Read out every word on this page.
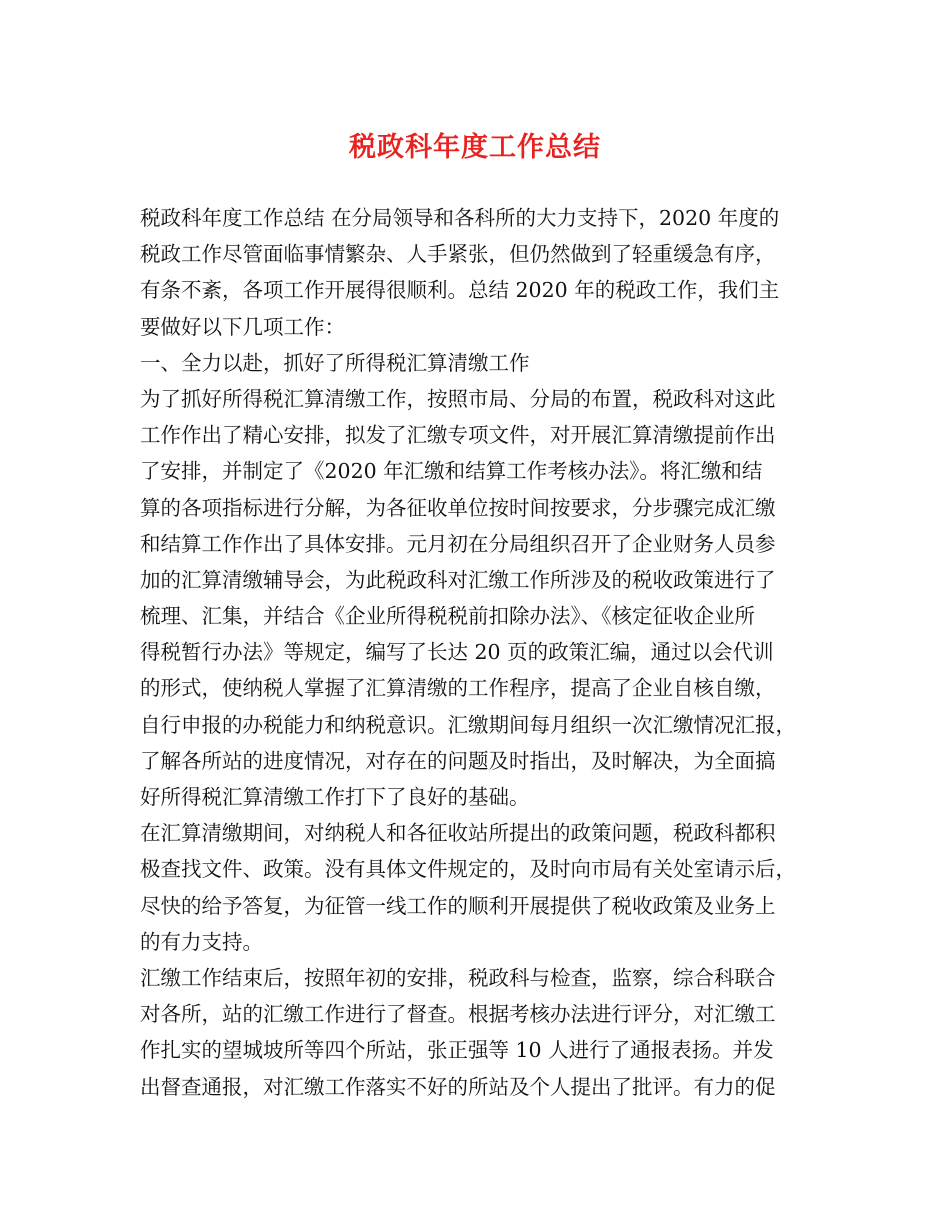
税政科年度工作总结
税政科年度工作总结 在分局领导和各科所的大力支持下，2020 年度的
税政工作尽管面临事情繁杂、人手紧张，但仍然做到了轻重缓急有序，
有条不紊，各项工作开展得很顺利。总结 2020 年的税政工作，我们主
要做好以下几项工作：
一、全力以赴，抓好了所得税汇算清缴工作
为了抓好所得税汇算清缴工作，按照市局、分局的布置，税政科对这此
工作作出了精心安排，拟发了汇缴专项文件，对开展汇算清缴提前作出
了安排，并制定了《2020 年汇缴和结算工作考核办法》。将汇缴和结
算的各项指标进行分解，为各征收单位按时间按要求，分步骤完成汇缴
和结算工作作出了具体安排。元月初在分局组织召开了企业财务人员参
加的汇算清缴辅导会，为此税政科对汇缴工作所涉及的税收政策进行了
梳理、汇集，并结合《企业所得税税前扣除办法》、《核定征收企业所
得税暂行办法》等规定，编写了长达 20 页的政策汇编，通过以会代训
的形式，使纳税人掌握了汇算清缴的工作程序，提高了企业自核自缴，
自行申报的办税能力和纳税意识。汇缴期间每月组织一次汇缴情况汇报，
了解各所站的进度情况，对存在的问题及时指出，及时解决，为全面搞
好所得税汇算清缴工作打下了良好的基础。
在汇算清缴期间，对纳税人和各征收站所提出的政策问题，税政科都积
极查找文件、政策。没有具体文件规定的，及时向市局有关处室请示后，
尽快的给予答复，为征管一线工作的顺利开展提供了税收政策及业务上
的有力支持。
汇缴工作结束后，按照年初的安排，税政科与检查，监察，综合科联合
对各所，站的汇缴工作进行了督查。根据考核办法进行评分，对汇缴工
作扎实的望城坡所等四个所站，张正强等 10 人进行了通报表扬。并发
出督查通报，对汇缴工作落实不好的所站及个人提出了批评。有力的促
